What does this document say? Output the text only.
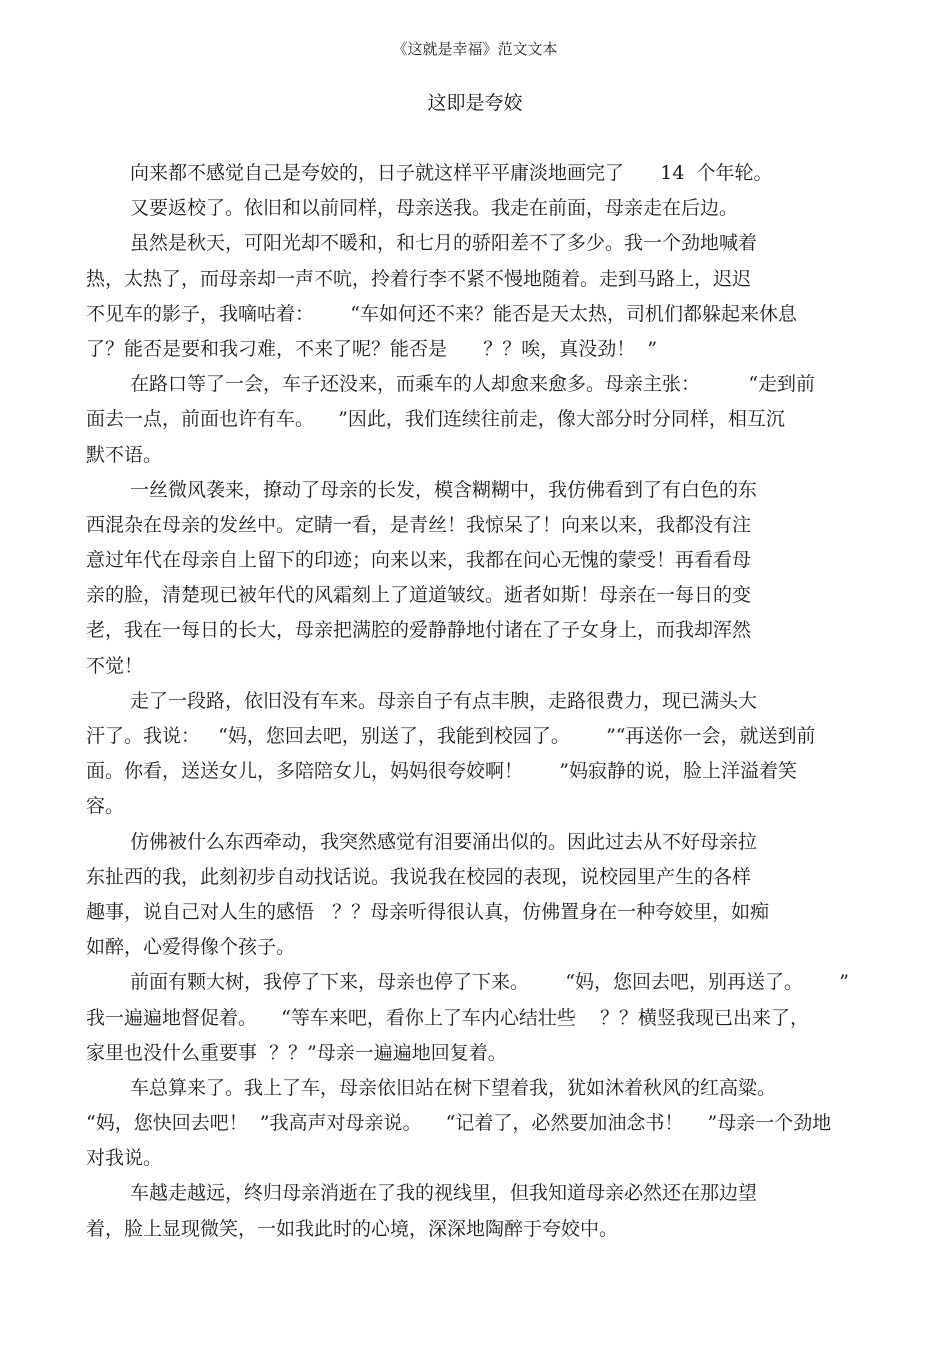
《这就是幸福》范文文本
这即是夸姣
向来都不感觉自己是夸姣的，日子就这样平平庸淡地画完了      14  个年轮。
又要返校了。依旧和以前同样，母亲送我。我走在前面，母亲走在后边。
虽然是秋天，可阳光却不暖和，和七月的骄阳差不了多少。我一个劲地喊着
热，太热了，而母亲却一声不吭，拎着行李不紧不慢地随着。走到马路上，迟迟
不见车的影子，我嘀咕着：      “车如何还不来？能否是天太热，司机们都躲起来休息
了？能否是要和我刁难，不来了呢？能否是      ？？唉，真没劲！  ”
在路口等了一会，车子还没来，而乘车的人却愈来愈多。母亲主张：        “走到前
面去一点，前面也许有车。    ”因此，我们连续往前走，像大部分时分同样，相互沉
默不语。
一丝微风袭来，撩动了母亲的长发，模含糊糊中，我仿佛看到了有白色的东
西混杂在母亲的发丝中。定睛一看，是青丝！我惊呆了！向来以来，我都没有注
意过年代在母亲自上留下的印迹；向来以来，我都在问心无愧的蒙受！再看看母
亲的脸，清楚现已被年代的风霜刻上了道道皱纹。逝者如斯！母亲在一每日的变
老，我在一每日的长大，母亲把满腔的爱静静地付诸在了子女身上，而我却浑然
不觉！
走了一段路，依旧没有车来。母亲自子有点丰腴，走路很费力，现已满头大
汗了。我说：   “妈，您回去吧，别送了，我能到校园了。      ”“再送你一会，就送到前
面。你看，送送女儿，多陪陪女儿，妈妈很夸姣啊！      ”妈寂静的说，脸上洋溢着笑
容。
仿佛被什么东西牵动，我突然感觉有泪要涌出似的。因此过去从不好母亲拉
东扯西的我，此刻初步自动找话说。我说我在校园的表现，说校园里产生的各样
趣事，说自己对人生的感悟   ？？母亲听得很认真，仿佛置身在一种夸姣里，如痴
如醉，心爱得像个孩子。
前面有颗大树，我停了下来，母亲也停了下来。      “妈，您回去吧，别再送了。      ”
我一遍遍地督促着。    “等车来吧，看你上了车内心结壮些    ？？横竖我现已出来了，
家里也没什么重要事  ？？”母亲一遍遍地回复着。
车总算来了。我上了车，母亲依旧站在树下望着我，犹如沐着秋风的红高粱。
“妈，您快回去吧！  ”我高声对母亲说。    “记着了，必然要加油念书！    ”母亲一个劲地
对我说。
车越走越远，终归母亲消逝在了我的视线里，但我知道母亲必然还在那边望
着，脸上显现微笑，一如我此时的心境，深深地陶醉于夸姣中。
